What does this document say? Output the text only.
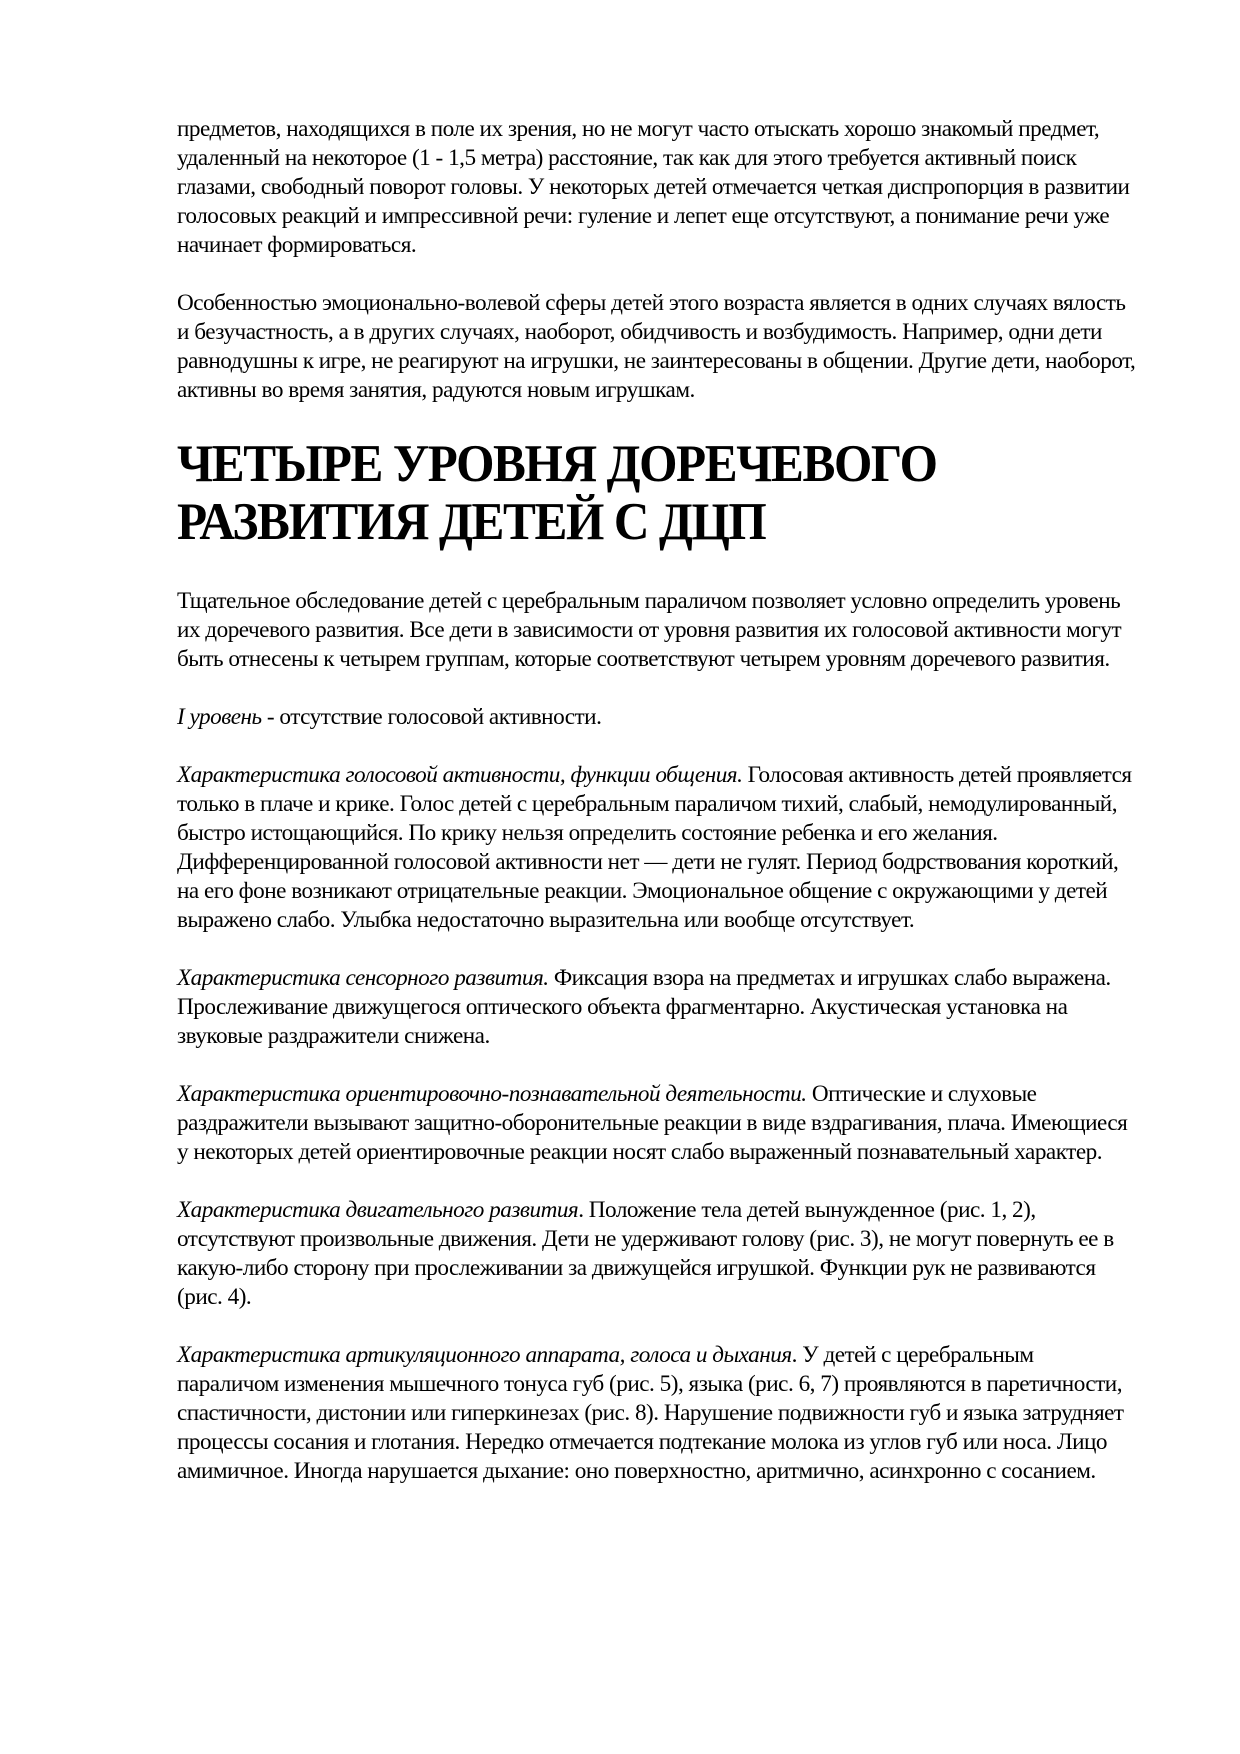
предметов, находящихся в поле их зрения, но не могут часто отыскать хорошо знакомый предмет, удаленный на некоторое (1 - 1,5 метра) расстояние, так как для этого требуется активный поиск глазами, свободный поворот головы. У некоторых детей отмечается четкая диспропорция в развитии голосовых реакций и импрессивной речи: гуление и лепет еще отсутствуют, а понимание речи уже начинает формироваться.

Особенностью эмоционально-волевой сферы детей этого возраста является в одних случаях вялость и безучастность, а в других случаях, наоборот, обидчивость и возбудимость. Например, одни дети равнодушны к игре, не реагируют на игрушки, не заинтересованы в общении. Другие дети, наоборот, активны во время занятия, радуются новым игрушкам.

ЧЕТЫРЕ УРОВНЯ ДОРЕЧЕВОГО РАЗВИТИЯ ДЕТЕЙ С ДЦП

Тщательное обследование детей с церебральным параличом позволяет условно определить уровень их доречевого развития. Все дети в зависимости от уровня развития их голосовой активности могут быть отнесены к четырем группам, которые соответствуют четырем уровням доречевого развития.

I уровень - отсутствие голосовой активности.

Характеристика голосовой активности, функции общения. Голосовая активность детей проявляется только в плаче и крике. Голос детей с церебральным параличом тихий, слабый, немодулированный, быстро истощающийся. По крику нельзя определить состояние ребенка и его желания. Дифференцированной голосовой активности нет — дети не гулят. Период бодрствования короткий, на его фоне возникают отрицательные реакции. Эмоциональное общение с окружающими у детей выражено слабо. Улыбка недостаточно выразительна или вообще отсутствует.

Характеристика сенсорного развития. Фиксация взора на предметах и игрушках слабо выражена. Прослеживание движущегося оптического объекта фрагментарно. Акустическая установка на звуковые раздражители снижена.

Характеристика ориентировочно-познавательной деятельности. Оптические и слуховые раздражители вызывают защитно-оборонительные реакции в виде вздрагивания, плача. Имеющиеся у некоторых детей ориентировочные реакции носят слабо выраженный познавательный характер.

Характеристика двигательного развития. Положение тела детей вынужденное (рис. 1, 2), отсутствуют произвольные движения. Дети не удерживают голову (рис. 3), не могут повернуть ее в какую-либо сторону при прослеживании за движущейся игрушкой. Функции рук не развиваются (рис. 4).

Характеристика артикуляционного аппарата, голоса и дыхания. У детей с церебральным параличом изменения мышечного тонуса губ (рис. 5), языка (рис. 6, 7) проявляются в паретичности, спастичности, дистонии или гиперкинезах (рис. 8). Нарушение подвижности губ и языка затрудняет процессы сосания и глотания. Нередко отмечается подтекание молока из углов губ или носа. Лицо амимичное. Иногда нарушается дыхание: оно поверхностно, аритмично, асинхронно с сосанием.
